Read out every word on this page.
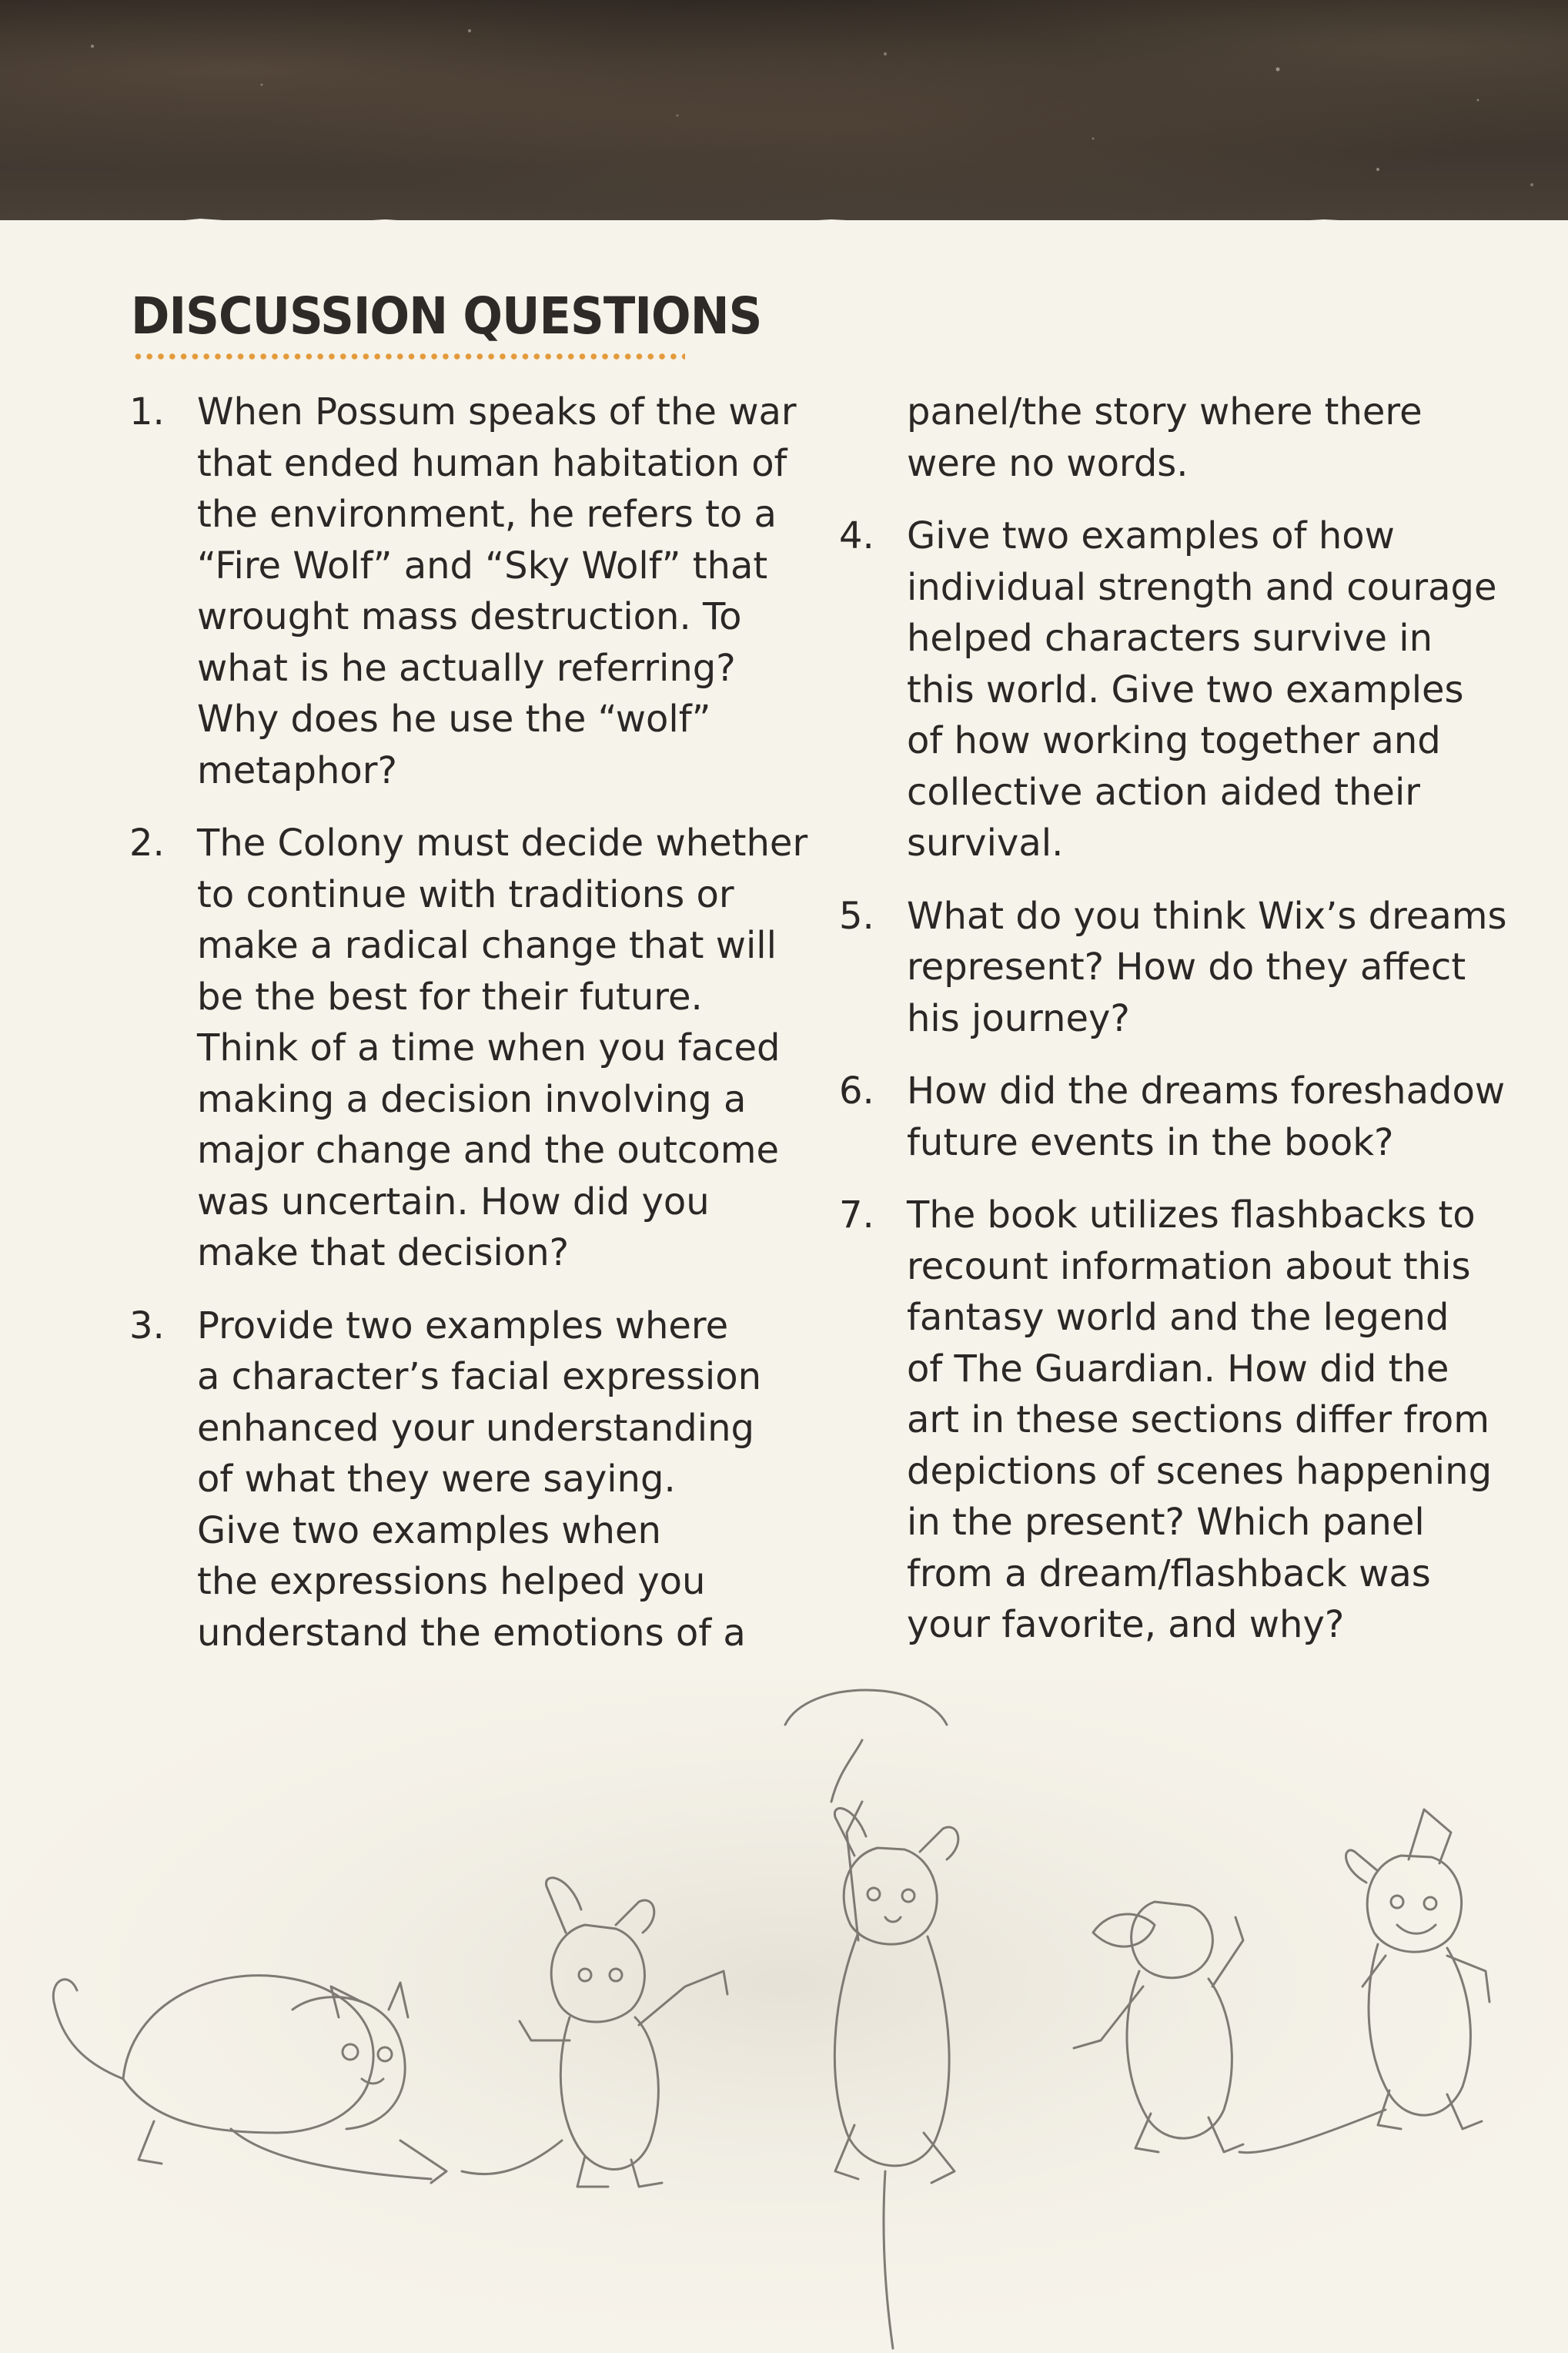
DISCUSSION QUESTIONS
1. When Possum speaks of the war
that ended human habitation of
the environment, he refers to a
“Fire Wolf” and “Sky Wolf” that
wrought mass destruction. To
what is he actually referring?
Why does he use the “wolf”
metaphor?
2. The Colony must decide whether
to continue with traditions or
make a radical change that will
be the best for their future.
Think of a time when you faced
making a decision involving a
major change and the outcome
was uncertain. How did you
make that decision?
3. Provide two examples where
a character’s facial expression
enhanced your understanding
of what they were saying.
Give two examples when
the expressions helped you
understand the emotions of a
panel/the story where there
were no words.
4. Give two examples of how
individual strength and courage
helped characters survive in
this world. Give two examples
of how working together and
collective action aided their
survival.
5. What do you think Wix’s dreams
represent? How do they affect
his journey?
6. How did the dreams foreshadow
future events in the book?
7. The book utilizes flashbacks to
recount information about this
fantasy world and the legend
of The Guardian. How did the
art in these sections differ from
depictions of scenes happening
in the present? Which panel
from a dream/flashback was
your favorite, and why?
